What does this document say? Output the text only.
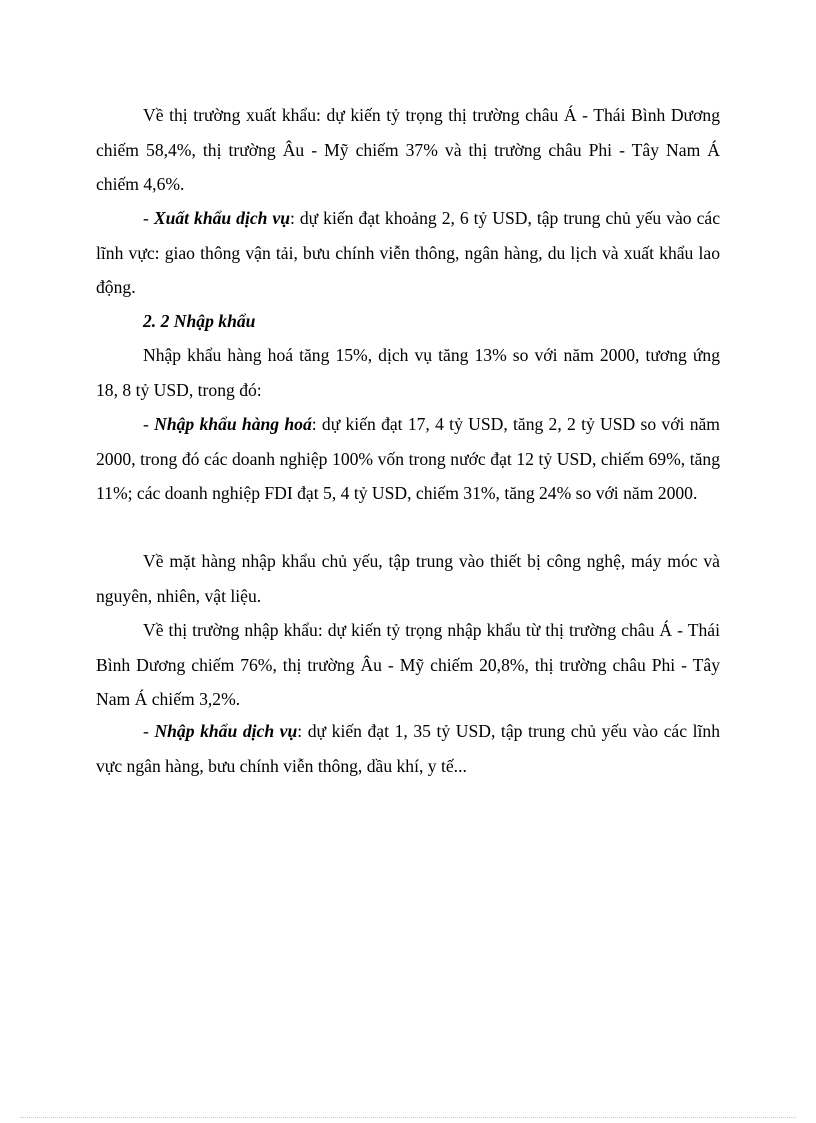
Về thị trường xuất khẩu: dự kiến tỷ trọng thị trường châu Á - Thái Bình Dương chiếm 58,4%, thị trường Âu - Mỹ chiếm 37% và thị trường châu Phi - Tây Nam Á chiếm 4,6%.

- Xuất khẩu dịch vụ: dự kiến đạt khoảng 2, 6 tỷ USD, tập trung chủ yếu vào các lĩnh vực: giao thông vận tải, bưu chính viễn thông, ngân hàng, du lịch và xuất khẩu lao động.

2. 2 Nhập khẩu

Nhập khẩu hàng hoá tăng 15%, dịch vụ tăng 13% so với năm 2000, tương ứng 18, 8 tỷ USD, trong đó:

- Nhập khẩu hàng hoá: dự kiến đạt 17, 4 tỷ USD, tăng 2, 2 tỷ USD so với năm 2000, trong đó các doanh nghiệp 100% vốn trong nước đạt 12 tỷ USD, chiếm 69%, tăng 11%; các doanh nghiệp FDI đạt 5, 4 tỷ USD, chiếm 31%, tăng 24% so với năm 2000.

Về mặt hàng nhập khẩu chủ yếu, tập trung vào thiết bị công nghệ, máy móc và nguyên, nhiên, vật liệu.

Về thị trường nhập khẩu: dự kiến tỷ trọng nhập khẩu từ thị trường châu Á - Thái Bình Dương chiếm 76%, thị trường Âu - Mỹ chiếm 20,8%, thị trường châu Phi - Tây Nam Á chiếm 3,2%.

- Nhập khẩu dịch vụ: dự kiến đạt 1, 35 tỷ USD, tập trung chủ yếu vào các lĩnh vực ngân hàng, bưu chính viễn thông, dầu khí, y tế...
